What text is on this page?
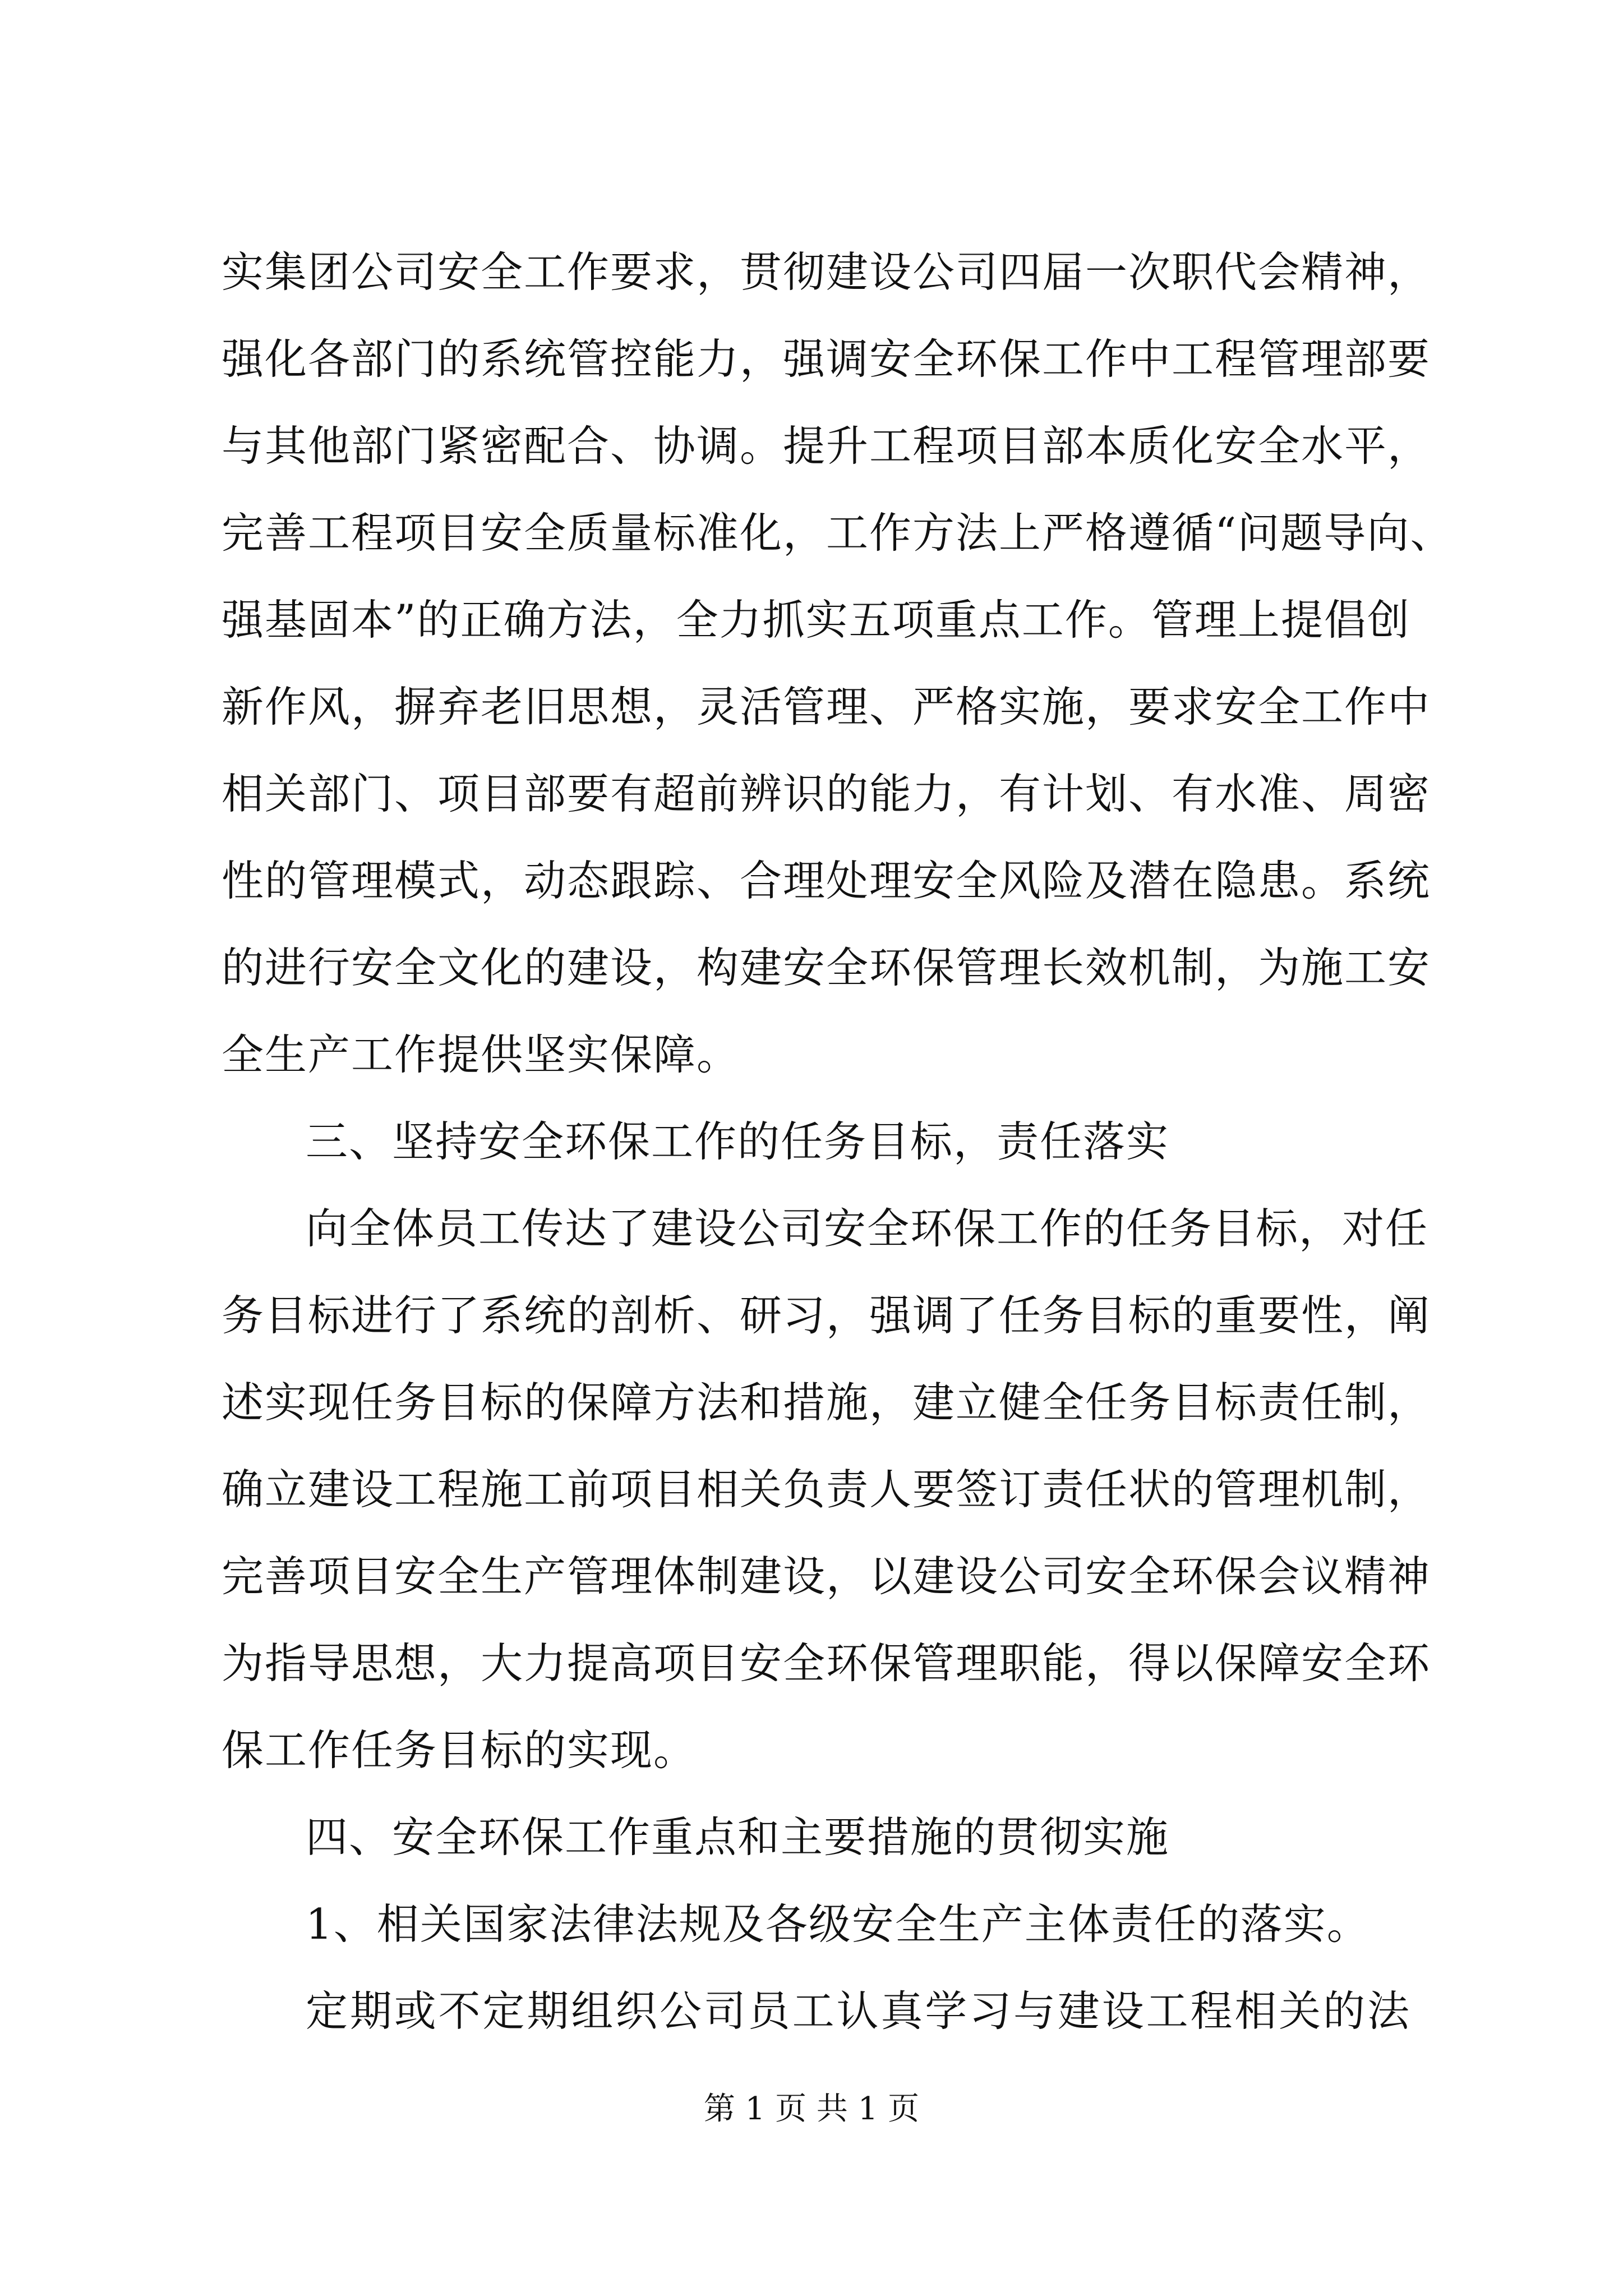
实集团公司安全工作要求，贯彻建设公司四届一次职代会精神，
强化各部门的系统管控能力，强调安全环保工作中工程管理部要
与其他部门紧密配合、协调。提升工程项目部本质化安全水平，
完善工程项目安全质量标准化，工作方法上严格遵循“问题导向、
强基固本”的正确方法，全力抓实五项重点工作。管理上提倡创
新作风，摒弃老旧思想，灵活管理、严格实施，要求安全工作中
相关部门、项目部要有超前辨识的能力，有计划、有水准、周密
性的管理模式，动态跟踪、合理处理安全风险及潜在隐患。系统
的进行安全文化的建设，构建安全环保管理长效机制，为施工安
全生产工作提供坚实保障。
三、坚持安全环保工作的任务目标，责任落实
向全体员工传达了建设公司安全环保工作的任务目标，对任
务目标进行了系统的剖析、研习，强调了任务目标的重要性，阐
述实现任务目标的保障方法和措施，建立健全任务目标责任制，
确立建设工程施工前项目相关负责人要签订责任状的管理机制，
完善项目安全生产管理体制建设，以建设公司安全环保会议精神
为指导思想，大力提高项目安全环保管理职能，得以保障安全环
保工作任务目标的实现。
四、安全环保工作重点和主要措施的贯彻实施
1、相关国家法律法规及各级安全生产主体责任的落实。
定期或不定期组织公司员工认真学习与建设工程相关的法
第 1 页 共 1 页
